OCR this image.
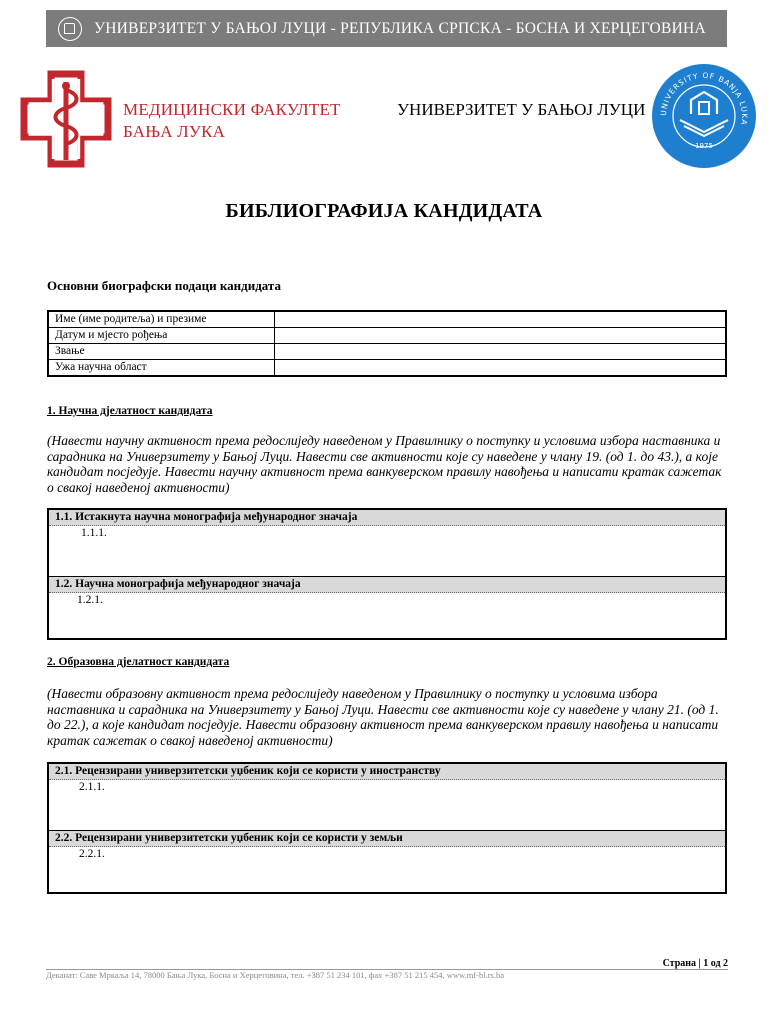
УНИВЕРЗИТЕТ У БАЊОЈ ЛУЦИ - РЕПУБЛИКА СРПСКА - БОСНА И ХЕРЦЕГОВИНА
МЕДИЦИНСКИ ФАКУЛТЕТ
БАЊА ЛУКА
УНИВЕРЗИТЕТ У БАЊОЈ ЛУЦИ UNIVERSITY OF BANJA LUKA
1975
БИБЛИОГРАФИЈА КАНДИДАТА
Основни биографски подаци кандидата
Име (име родитеља) и презиме
Датум и мјесто рођења
Звање
Ужа научна област
1. Научна дјелатност кандидата
(Навести научну активност према редослиједу наведеном у Правилнику о поступку и условима избора наставника и сарадника на Универзитету у Бањој Луци. Навести све активности које су наведене у члану 19. (од 1. до 43.), а које кандидат посједује. Навести научну активност према ванкуверском правилу навођења и написати кратак сажетак о свакој наведеној активности)
1.1. Истакнута научна монографија међународног значаја
1.1.1.
1.2. Научна монографија међународног значаја
1.2.1.
2. Образовна дјелатност кандидата
(Навести образовну активност према редослиједу наведеном у Правилнику о поступку и условима избора наставника и сарадника на Универзитету у Бањој Луци. Навести све активности које су наведене у члану 21. (од 1. до 22.), а које кандидат посједује. Навести образовну активност према ванкуверском правилу навођења и написати кратак сажетак о свакој наведеној активности)
2.1. Рецензирани универзитетски уџбеник који се користи у иностранству
2.1.1.
2.2. Рецензирани универзитетски уџбеник који се користи у земљи
2.2.1.
Страна | 1 од 2
Деканат: Саве Мркаља 14, 78000 Бања Лука, Босна и Херцеговина, тел. +387 51 234 101, фах +387 51 215 454, www.mf-bl.rs.ba
